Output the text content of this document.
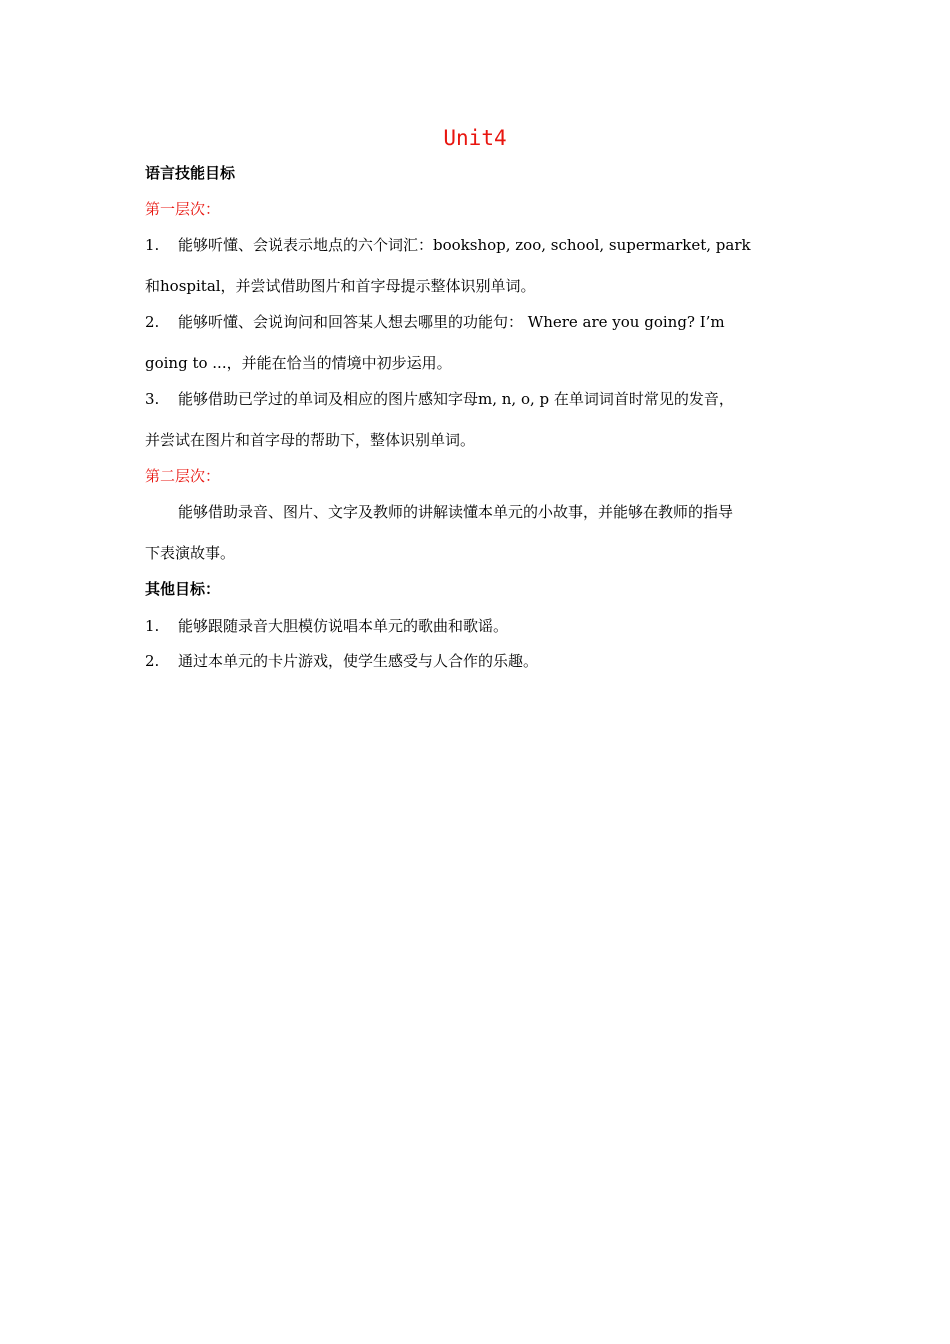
Unit4
语言技能目标
第一层次：
1. 能够听懂、会说表示地点的六个词汇：bookshop, zoo, school, supermarket, park
和hospital，并尝试借助图片和首字母提示整体识别单词。
2. 能够听懂、会说询问和回答某人想去哪里的功能句： Where are you going? I’m
going to ...，并能在恰当的情境中初步运用。
3. 能够借助已学过的单词及相应的图片感知字母m, n, o, p 在单词词首时常见的发音，
并尝试在图片和首字母的帮助下，整体识别单词。
第二层次：
能够借助录音、图片、文字及教师的讲解读懂本单元的小故事，并能够在教师的指导
下表演故事。
其他目标：
1. 能够跟随录音大胆模仿说唱本单元的歌曲和歌谣。
2. 通过本单元的卡片游戏，使学生感受与人合作的乐趣。
